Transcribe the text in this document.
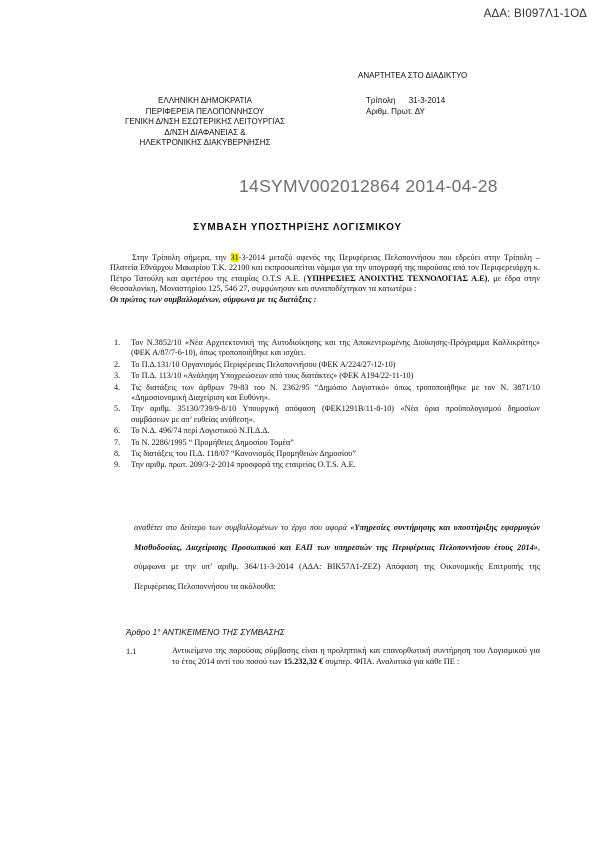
ΑΔΑ: ΒΙ097Λ1-1ΟΔ
ΑΝΑΡΤΗΤΕΑ ΣΤΟ ΔΙΑΔΙΚΤΥΟ
ΕΛΛΗΝΙΚΗ ΔΗΜΟΚΡΑΤΙΑ
ΠΕΡΙΦΕΡΕΙΑ ΠΕΛΟΠΟΝΝΗΣΟΥ
ΓΕΝΙΚΗ Δ/ΝΣΗ ΕΣΩΤΕΡΙΚΗΣ ΛΕΙΤΟΥΡΓΙΑΣ
Δ/ΝΣΗ ΔΙΑΦΑΝΕΙΑΣ &
ΗΛΕΚΤΡΟΝΙΚΗΣ ΔΙΑΚΥΒΕΡΝΗΣΗΣ
Τρίπολη      31-3-2014
Αριθμ. Πρωτ. ΔΥ
14SYMV002012864 2014-04-28
ΣΥΜΒΑΣΗ ΥΠΟΣΤΗΡΙΞΗΣ ΛΟΓΙΣΜΙΚΟΥ

Στην Τρίπολη σήμερα, την 31-3-2014 μεταξύ αφενός της Περιφέρειας Πελοποννήσου που εδρεύει στην Τρίπολη – Πλατεία Εθνάρχου Μακαρίου Τ.Κ. 22100 και εκπροσωπείται νόμιμα για την υπογραφή της παρούσας από τον Περιφερειάρχη κ. Πέτρο Τατούλη και αφετέρου της εταιρίας Ο.Τ.S Α.Ε. (ΥΠΗΡΕΣΙΕΣ ΑΝΟΙΧΤΗΣ ΤΕΧΝΟΛΟΓΙΑΣ Α.Ε), με έδρα στην Θεσσαλονίκη, Μοναστηρίου 125, 546 27, συμφώνησαν και συναποδέχτηκαν τα κατωτέρω :

Οι πρώτος των συμβαλλομένων, σύμφωνα με τις διατάξεις :
1. Τον Ν.3852/10 «Νέα Αρχιτεκτονική της Αυτοδιοίκησης και της Αποκεντρωμένης Διοίκησης-Πρόγραμμα Καλλικράτης» (ΦΕΚ Α/87/7-6-10), όπως τροποποιήθηκε και ισχύει.
2. Το Π.Δ.131/10 Οργανισμός Περιφέρειας Πελοποννήσου (ΦΕΚ Α/224/27-12-10)
3. Το Π.Δ. 113/10 «Ανάληψη Υποχρεώσεων από τους διατάκτες» (ΦΕΚ Α194/22-11-10)
4. Τις διατάξεις των άρθρων 79-83 του Ν. 2362/95 “Δημόσιο Λογιστικό» όπως τροποποιήθηκε με τον Ν. 3871/10 «Δημοσιονομική Διαχείριση και Ευθύνη».
5. Την αριθμ. 35130/739/9-8/10 Υπουργική απόφαση (ΦΕΚ1291Β/11-8-10) «Νέα όρια προϋπολογισμού δημοσίων συμβάσεων με απ’ ευθείας ανάθεση».
6. Το Ν.Δ. 496/74 περί Λογιστικού Ν.Π.Δ.Δ.
7. Το Ν. 2286/1995 “ Προμήθειες Δημοσίου Τομέα”
8. Τις διατάξεις του Π.Δ. 118/07 “Κανονισμός Προμηθειών Δημοσίου”
9. Την αριθμ. πρωτ. 209/3-2-2014 προσφορά της εταιρείας Ο.Τ.S. Α.Ε.
αναθέτει στο δεύτερο των συμβαλλομένων το έργο που αφορά «Υπηρεσίες συντήρησης και υποστήριξης εφαρμογών Μισθοδοσίας, Διαχείρισης Προσωπικού και ΕΑΠ των υπηρεσιών της Περιφέρειας Πελοποννήσου έτους 2014», σύμφωνα με την υπ’ αριθμ. 364/11-3-2014 (ΑΔΑ: ΒΙΚ57Λ1-ΖΕΖ) Απόφαση της Οικονομικής Επιτροπής της Περιφέρειας Πελοποννήσου τα ακόλουθα:
Άρθρο 1° ΑΝΤΙΚΕΙΜΕΝΟ ΤΗΣ ΣΥΜΒΑΣΗΣ
1.1	Αντικείμενο της παρούσας σύμβασης είναι η προληπτική και επανορθωτική συντήρηση του Λογισμικού για το έτος 2014 αντί του ποσού των 15.232,32 € συμπερ. ΦΠΑ. Αναλυτικά για κάθε ΠΕ :
